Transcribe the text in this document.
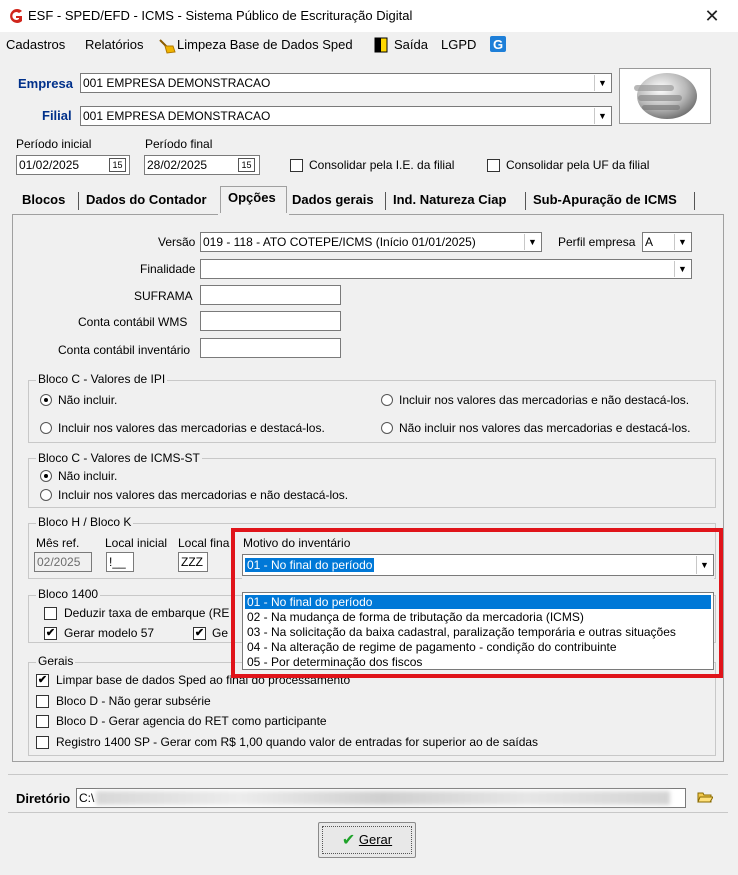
ESF - SPED/EFD - ICMS - Sistema Público de Escrituração Digital	✕
Cadastros Relatórios	Limpeza Base de Dados Sped	Saída LGPD G
Empresa 001 EMPRESA DEMONSTRACAO	▼
Filial 001 EMPRESA DEMONSTRACAO	▼
Período inicial
01/02/2025	15
Período final
28/02/2025	15	Consolidar pela I.E. da filial	Consolidar pela UF da filial
Blocos Dados do Contador Opções Dados gerais Ind. Natureza Ciap Sub-Apuração de ICMS
Versão 019 - 118 - ATO COTEPE/ICMS (Início 01/01/2025)	▼ Perfil empresa A	▼
Finalidade	▼
SUFRAMA
Conta contábil WMS
Conta contábil inventário
Bloco C - Valores de IPI
Não incluir.	Incluir nos valores das mercadorias e não destacá-los.
Incluir nos valores das mercadorias e destacá-los.	Não incluir nos valores das mercadorias e destacá-los.
Bloco C - Valores de ICMS-ST
Não incluir.
Incluir nos valores das mercadorias e não destacá-los.
Bloco H / Bloco K
Mês ref.
02/2025
Local inicial
!__
Local fina
ZZZ
Bloco 1400
Deduzir taxa de embarque (RE
✔ Gerar modelo 57	✔ Ge
Gerais
✔ Limpar base de dados Sped ao final do processamento
Bloco D - Não gerar subsérie
Bloco D - Gerar agencia do RET como participante
Registro 1400 SP - Gerar com R$ 1,00 quando valor de entradas for superior ao de saídas
Motivo do inventário
01 - No final do período	▼
01 - No final do período
02 - Na mudança de forma de tributação da mercadoria (ICMS)
03 - Na solicitação da baixa cadastral, paralização temporária e outras situações
04 - Na alteração de regime de pagamento - condição do contribuinte
05 - Por determinação dos fiscos
Diretório C:\
✔ Gerar
